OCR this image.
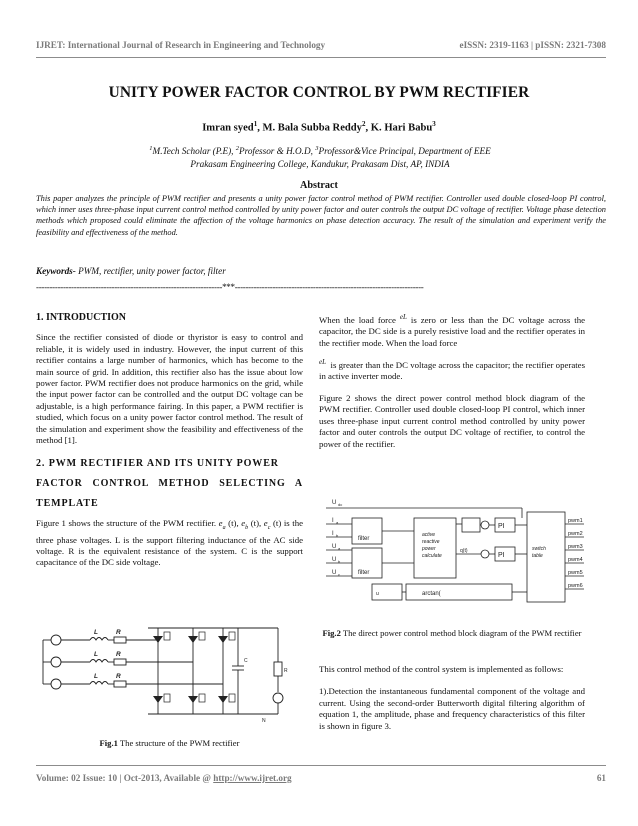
IJRET: International Journal of Research in Engineering and Technology	eISSN: 2319-1163 | pISSN: 2321-7308
UNITY POWER FACTOR CONTROL BY PWM RECTIFIER
Imran syed$^1$, M. Bala Subba Reddy$^2$, K. Hari Babu$^3$
$^1$M.Tech Scholar (P.E), $^2$Professor & H.O.D, $^3$Professor&Vice Principal, Department of EEE
Prakasam Engineering College, Kandukur, Prakasam Dist, AP, INDIA
Abstract
This paper analyzes the principle of PWM rectifier and presents a unity power factor control method of PWM rectifier. Controller used double closed-loop PI control, which inner uses three-phase input current control method controlled by unity power factor and outer controls the output DC voltage of rectifier. Voltage phase detection methods which proposed could eliminate the affection of the voltage harmonics on phase detection accuracy. The result of the simulation and experiment verify the feasibility and effectiveness of the method.
Keywords- PWM, rectifier, unity power factor, filter
---------------------------------------------------------------------***----------------------------------------------------------------------
1. INTRODUCTION

Since the rectifier consisted of diode or thyristor is easy to control and reliable, it is widely used in industry. However, the input current of this rectifier contains a large number of harmonics, which has become to the main source of grid. In addition, this rectifier also has the issue about low power factor. PWM rectifier does not produce harmonics on the grid, while the input power factor can be controlled and the output DC voltage can be adjustable, is a high performance fairing. In this paper, a PWM rectifier is studied, which focus on a unity power factor control method. The result of the simulation and experiment show the feasibility and effectiveness of the method [1].

2. PWM RECTIFIER AND ITS UNITY POWER
FACTOR CONTROL METHOD SELECTING A
TEMPLATE

Figure 1 shows the structure of the PWM rectifier. $e_a$ (t), $e_b$ (t), $e_c$ (t) is the three phase voltages. L is the support filtering inductance of the AC side voltage. R is the equivalent resistance of the system. C is the support capacitance of the DC side voltage.

L
L
L
R
R
R
C
R
N
Fig.1 The structure of the PWM rectifier

When the load force $^{eL}$ is zero or less than the DC voltage across the capacitor, the DC side is a purely resistive load and the rectifier operates in the rectifier mode. When the load force

$^{eL}$ is greater than the DC voltage across the capacitor; the rectifier operates in active inverter mode.

Figure 2 shows the direct power control method block diagram of the PWM rectifier. Controller used double closed-loop PI control, which inner uses three-phase input current control method controlled by unity power factor and outer controls the output DC voltage of rectifier, to control the power of the rectifier.

U dc
I a
I b
U a
U b
U c
filter
filter
active
reactive
power
calculate
PI
PI
switch
table
pwm1
pwm2
pwm3
pwm4
pwm5
pwm6
q(t)
u	arctan(
Fig.2 The direct power control method block diagram of the PWM rectifier

This control method of the control system is implemented as follows:

1).Detection the instantaneous fundamental component of the voltage and current. Using the second-order Butterworth digital filtering algorithm of equation 1, the amplitude, phase and frequency characteristics of this filter is shown in figure 3.

Volume: 02 Issue: 10 | Oct-2013, Available @ http://www.ijret.org	61
